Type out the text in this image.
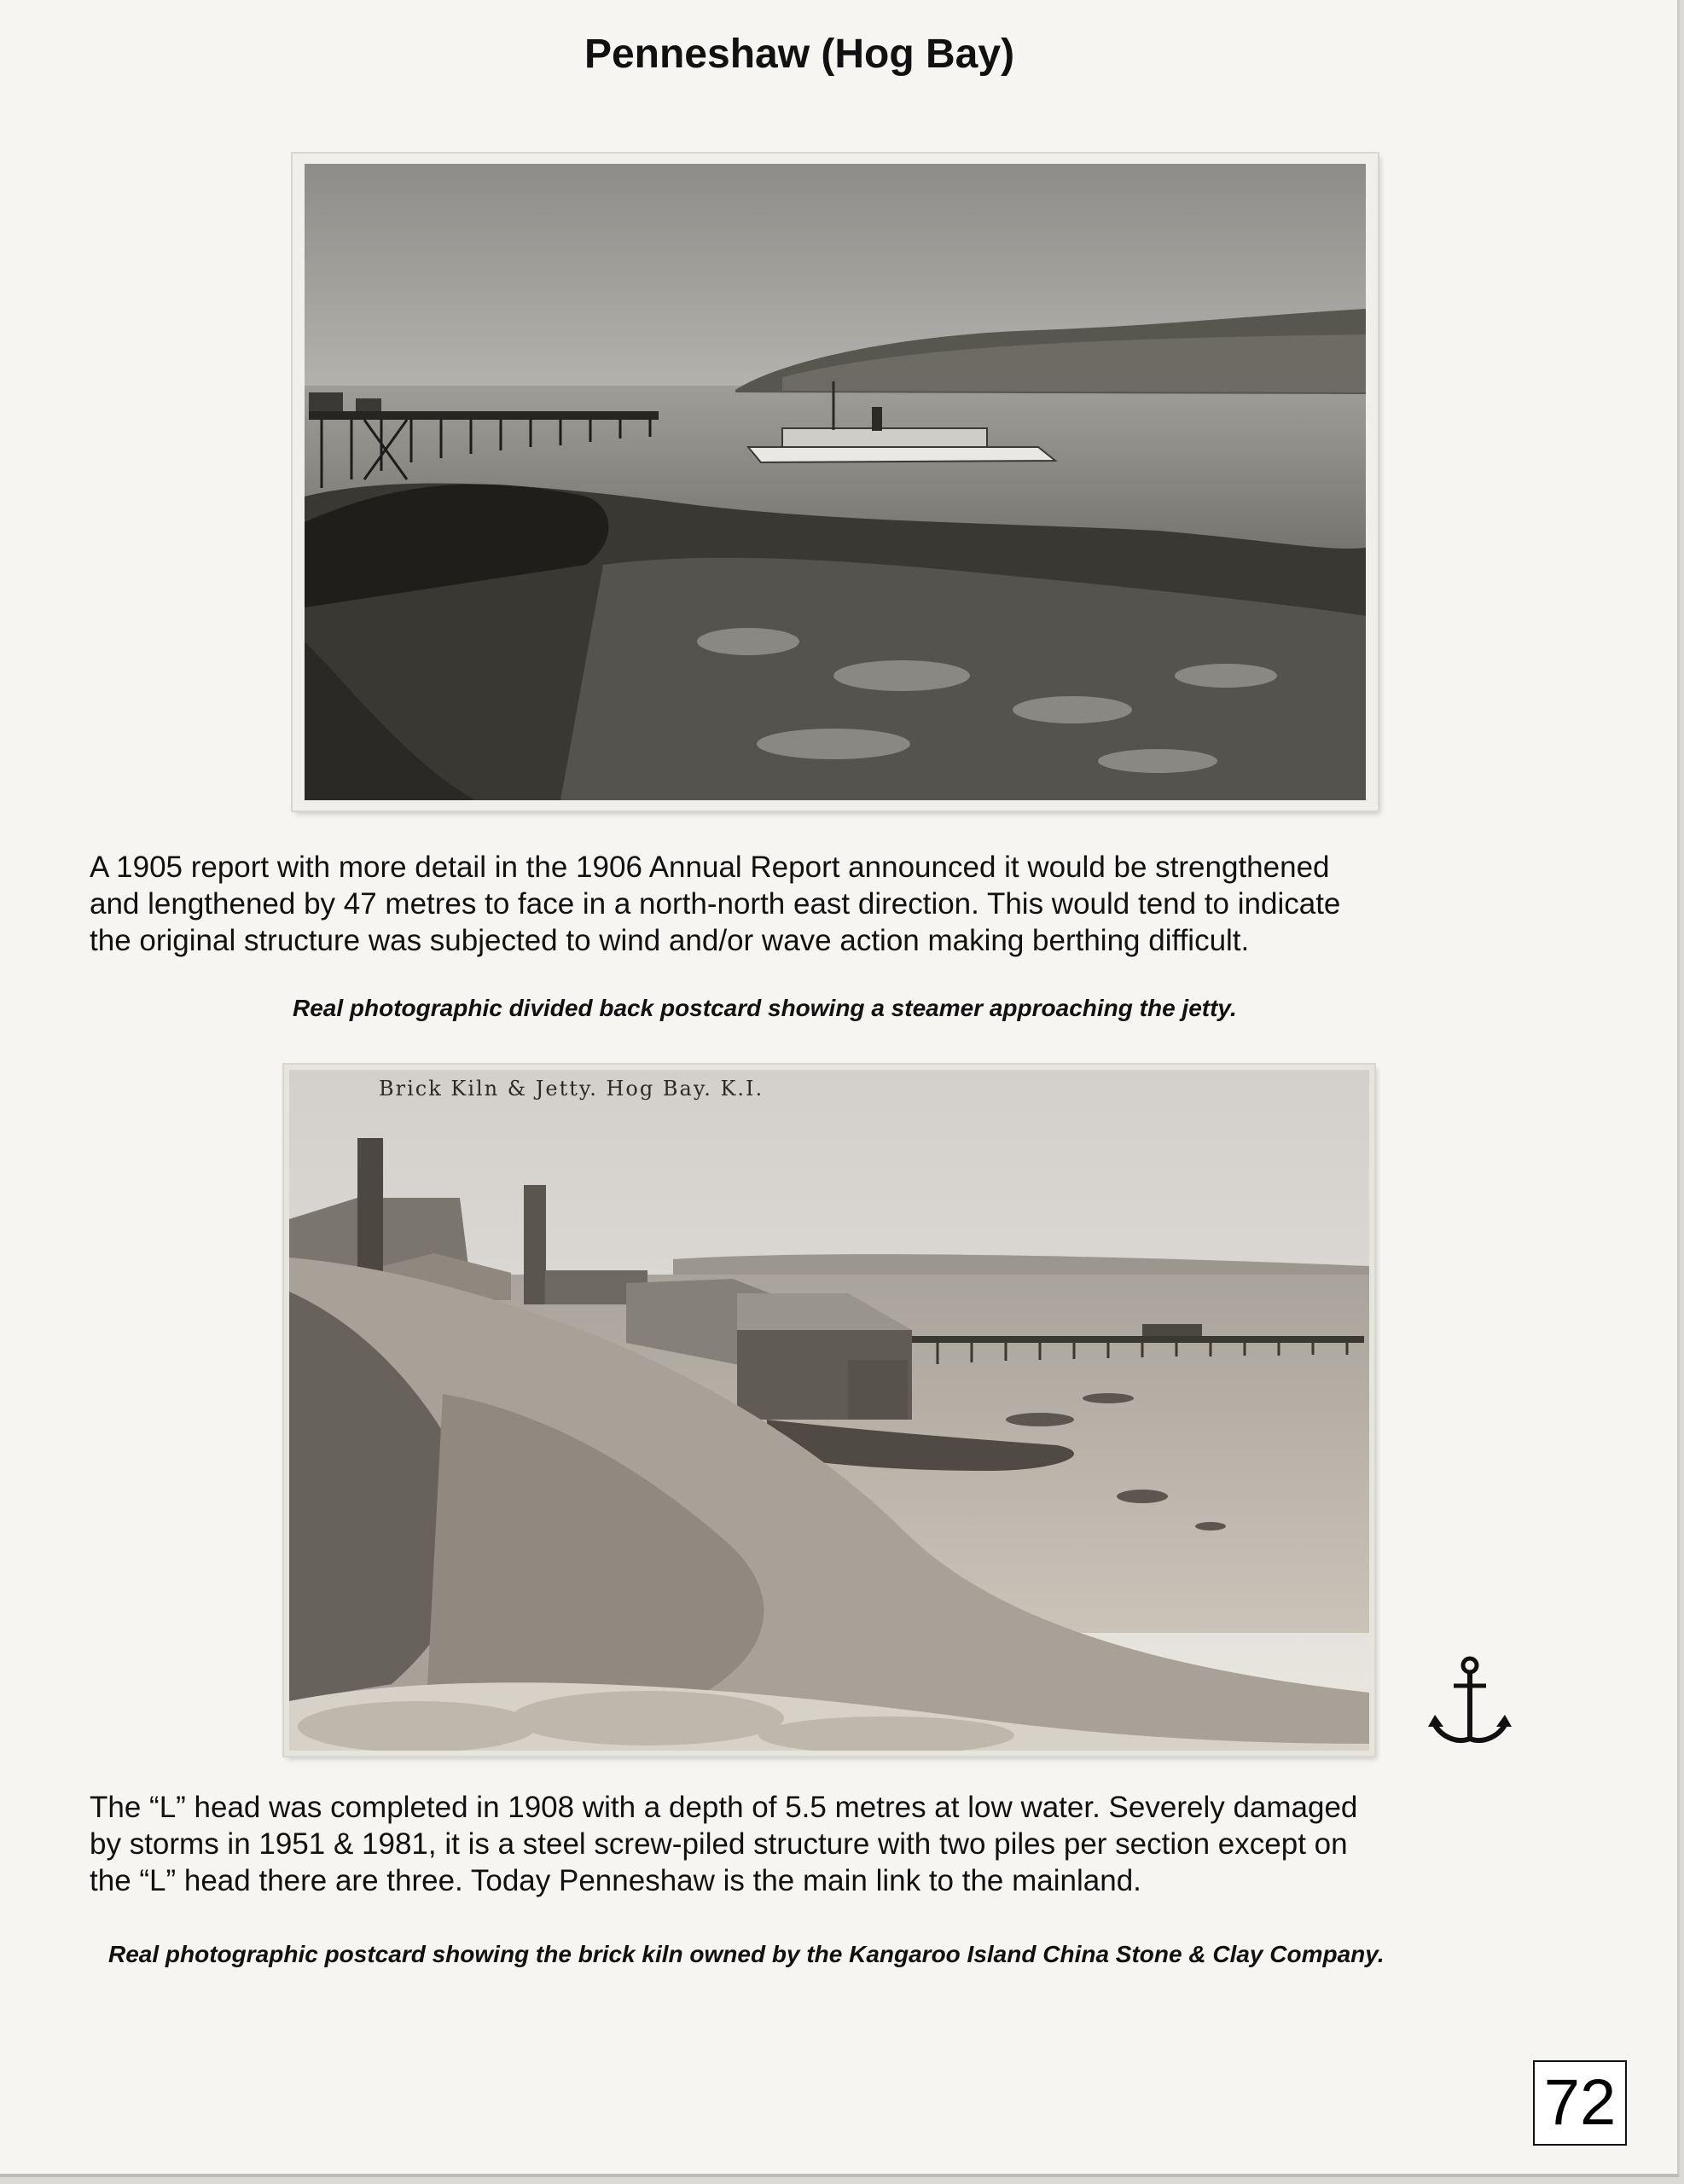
Penneshaw (Hog Bay)

A 1905 report with more detail in the 1906 Annual Report announced it would be strengthened
and lengthened by 47 metres to face in a north-north east direction. This would tend to indicate
the original structure was subjected to wind and/or wave action making berthing difficult.

Real photographic divided back postcard showing a steamer approaching the jetty.

Brick Kiln & Jetty. Hog Bay. K.I.

The “L” head was completed in 1908 with a depth of 5.5 metres at low water. Severely damaged
by storms in 1951 & 1981, it is a steel screw-piled structure with two piles per section except on
the “L” head there are three. Today Penneshaw is the main link to the mainland.

Real photographic postcard showing the brick kiln owned by the Kangaroo Island China Stone & Clay Company.

72
